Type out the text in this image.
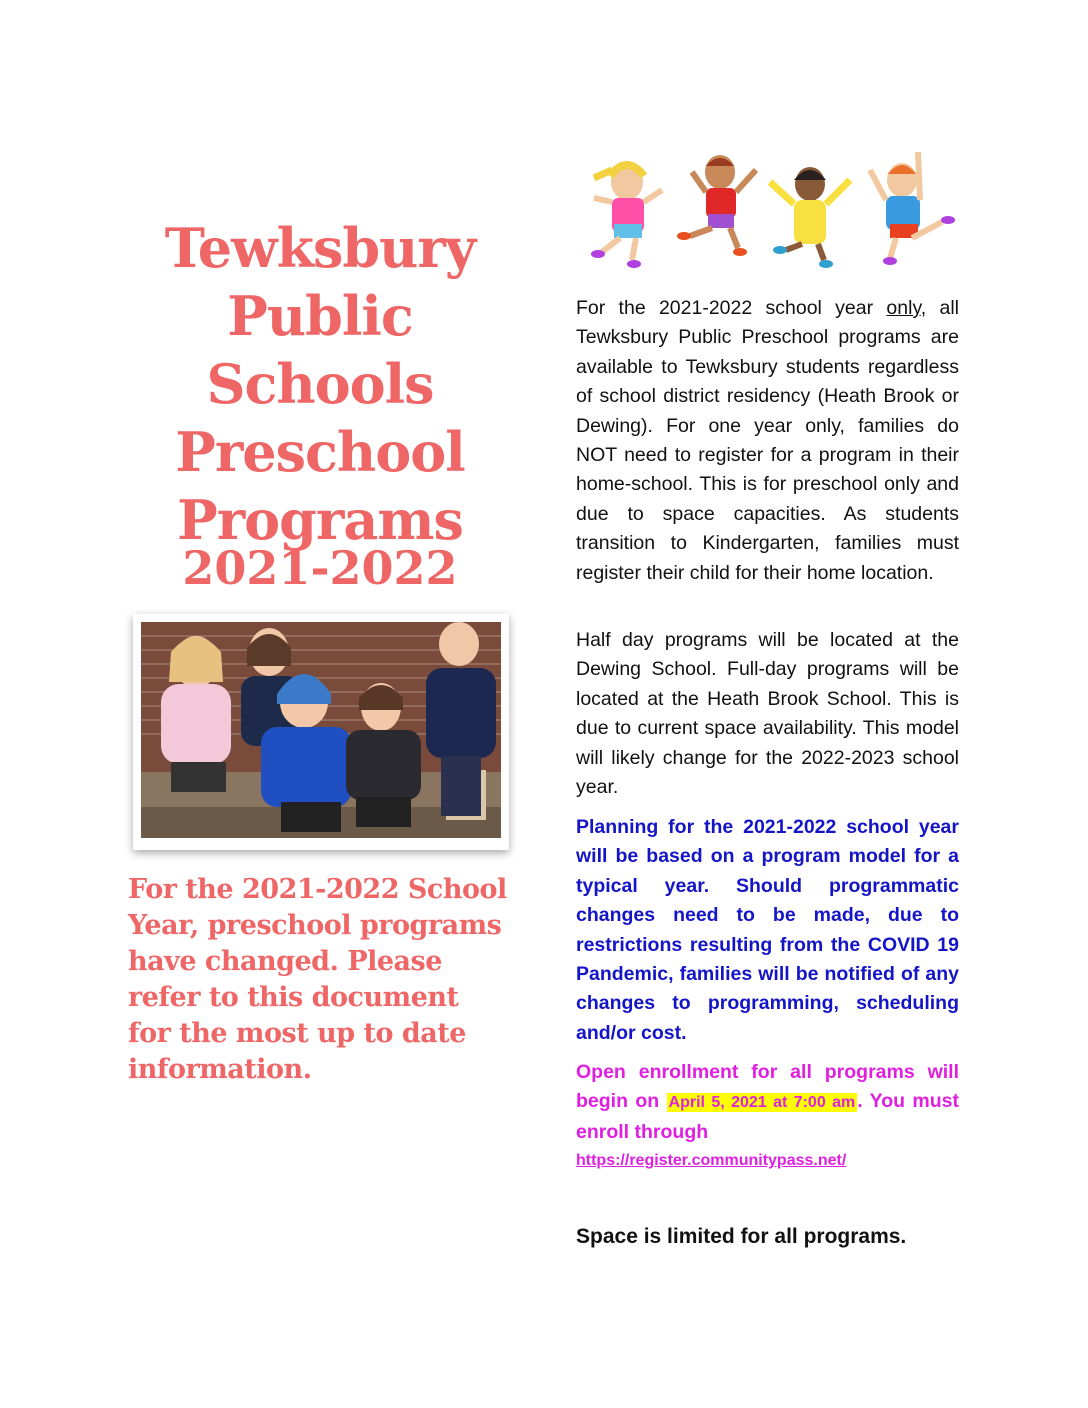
Tewksbury
Public Schools
Preschool
Programs
2021-2022
For the 2021-2022 School Year, preschool programs have changed. Please refer to this document for the most up to date information.
For the 2021-2022 school year only, all Tewksbury Public Preschool programs are available to Tewksbury students regardless of school district residency (Heath Brook or Dewing). For one year only, families do NOT need to register for a program in their home-school. This is for preschool only and due to space capacities. As students transition to Kindergarten, families must register their child for their home location.
Half day programs will be located at the Dewing School. Full-day programs will be located at the Heath Brook School. This is due to current space availability. This model will likely change for the 2022-2023 school year.
Planning for the 2021-2022 school year will be based on a program model for a typical year. Should programmatic changes need to be made, due to restrictions resulting from the COVID 19 Pandemic, families will be notified of any changes to programming, scheduling and/or cost.
Open enrollment for all programs will begin on April 5, 2021 at 7:00 am . You must enroll through
https://register.communitypass.net/
Space is limited for all programs.
